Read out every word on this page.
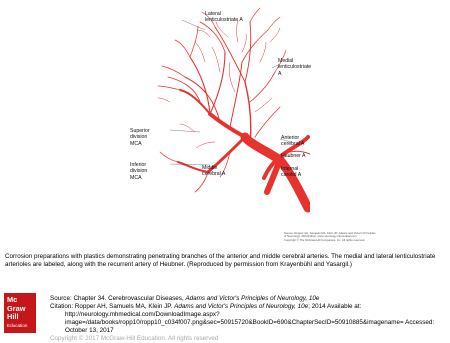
Lateral
lenticulostriate A
Medial
lenticulostriate
A
Anterior
cerebral A
Heubner A
Internal
carotid A
Middle
cerebral A
Superior
division
MCA
Inferior
division
MCA
Source: Ropper AH, Samuels MA, Klein JP: Adams and Victor's Principles
of Neurology, 10th Edition: www.neurology.mhmedical.com
Copyright © The McGraw-Hill Companies, Inc. All rights reserved.
Corrosion preparations with plastics demonstrating penetrating branches of the anterior and middle cerebral arteries. The medial and lateral lenticulostriate arterioles are labeled, along with the recurrent artery of Heubner. (Reproduced by permission from Krayenbühl and Yasargil.)
Mc
Graw
Hill
Education
Source: Chapter 34. Cerebrovascular Diseases, Adams and Victor's Principles of Neurology, 10e
Citation: Ropper AH, Samuels MA, Klein JP. Adams and Victor's Principles of Neurology, 10e; 2014 Available at:
http://neurology.mhmedical.com/DownloadImage.aspx?image=/data/books/ropp10/ropp10_c034f007.png&sec=50915720&BookID=690&ChapterSecID=50910885&imagename= Accessed: October 13, 2017
Copyright © 2017 McGraw-Hill Education. All rights reserved
